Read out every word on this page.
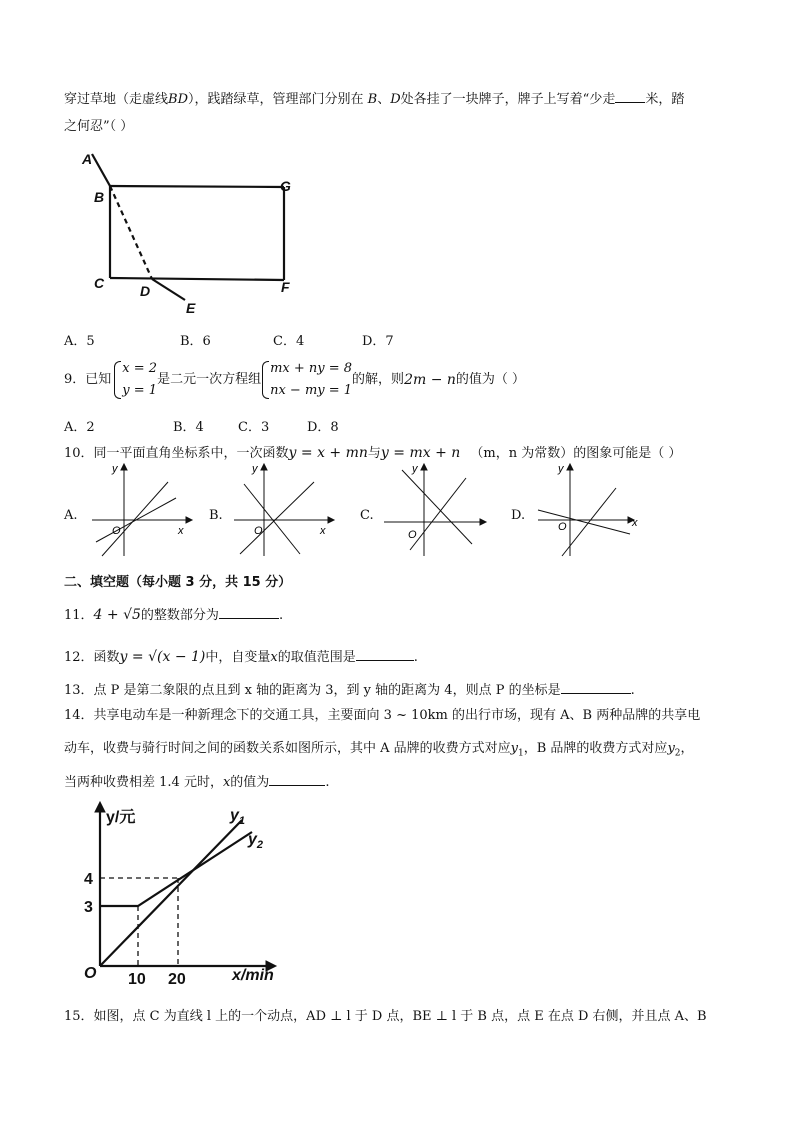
穿过草地（走虚线BD），践踏绿草，管理部门分别在 B、D处各挂了一块牌子，牌子上写着“少走 米，踏
之何忍”（ ）
A
B
G
C	D	F
E
A．5	B．6	C．4	D．7
9．已知
x = 2
y = 1
是二元一次方程组
mx + ny = 8
nx − my = 1
的解，则2m − n的值为（ ）
A．2	B．4	C．3	D．8
10．同一平面直角坐标系中，一次函数y = x + mn与y = mx + n （m，n 为常数）的图象可能是（ ）
A.
y
x
O
B.
y
x
O
C.
y
O
D.
y
x
O
二、填空题（每小题 3 分，共 15 分）
11．4 + √5的整数部分为	.
12．函数y = √(x − 1)中，自变量x的取值范围是	.
13．点 P 是第二象限的点且到 x 轴的距离为 3，到 y 轴的距离为 4，则点 P 的坐标是	.
14．共享电动车是一种新理念下的交通工具，主要面向 3 ~ 10km 的出行市场，现有 A、B 两种品牌的共享电
动车，收费与骑行时间之间的函数关系如图所示，其中 A 品牌的收费方式对应$y_1$，B 品牌的收费方式对应$y_2$，
当两种收费相差 1.4 元时，x的值为	.
y/元
x/min
O
3
4
10 20
$y_1$
$y_2$
15．如图，点 C 为直线 l 上的一个动点，AD ⊥ l 于 D 点，BE ⊥ l 于 B 点，点 E 在点 D 右侧，并且点 A、B
